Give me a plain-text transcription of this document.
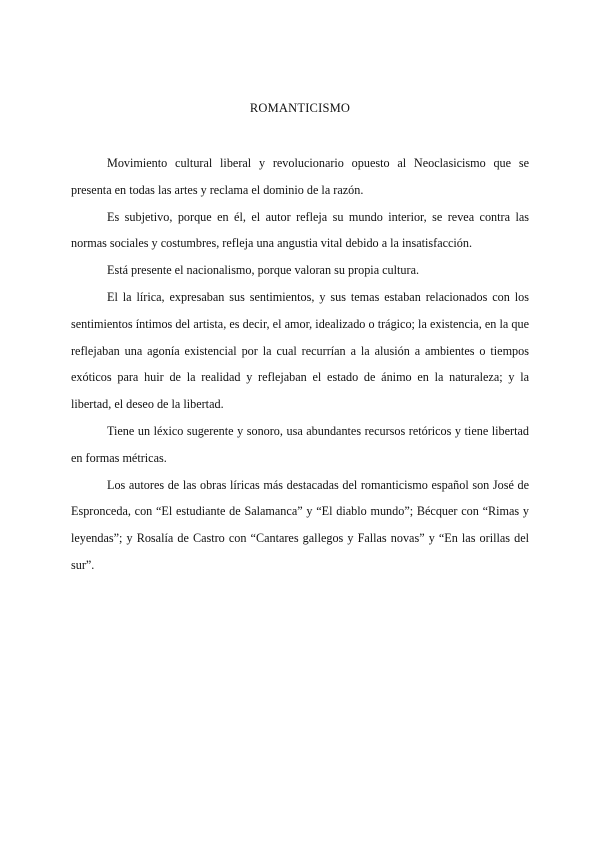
ROMANTICISMO

Movimiento cultural liberal y revolucionario opuesto al Neoclasicismo que se presenta en todas las artes y reclama el dominio de la razón.

Es subjetivo, porque en él, el autor refleja su mundo interior, se revea contra las normas sociales y costumbres, refleja una angustia vital debido a la insatisfacción.

Está presente el nacionalismo, porque valoran su propia cultura.

El la lírica, expresaban sus sentimientos, y sus temas estaban relacionados con los sentimientos íntimos del artista, es decir, el amor, idealizado o trágico; la existencia, en la que reflejaban una agonía existencial por la cual recurrían a la alusión a ambientes o tiempos exóticos para huir de la realidad y reflejaban el estado de ánimo en la naturaleza; y la libertad, el deseo de la libertad.

Tiene un léxico sugerente y sonoro, usa abundantes recursos retóricos y tiene libertad en formas métricas.

Los autores de las obras líricas más destacadas del romanticismo español son José de Espronceda, con “El estudiante de Salamanca” y “El diablo mundo”; Bécquer con “Rimas y leyendas”; y Rosalía de Castro con “Cantares gallegos y Fallas novas” y “En las orillas del sur”.
